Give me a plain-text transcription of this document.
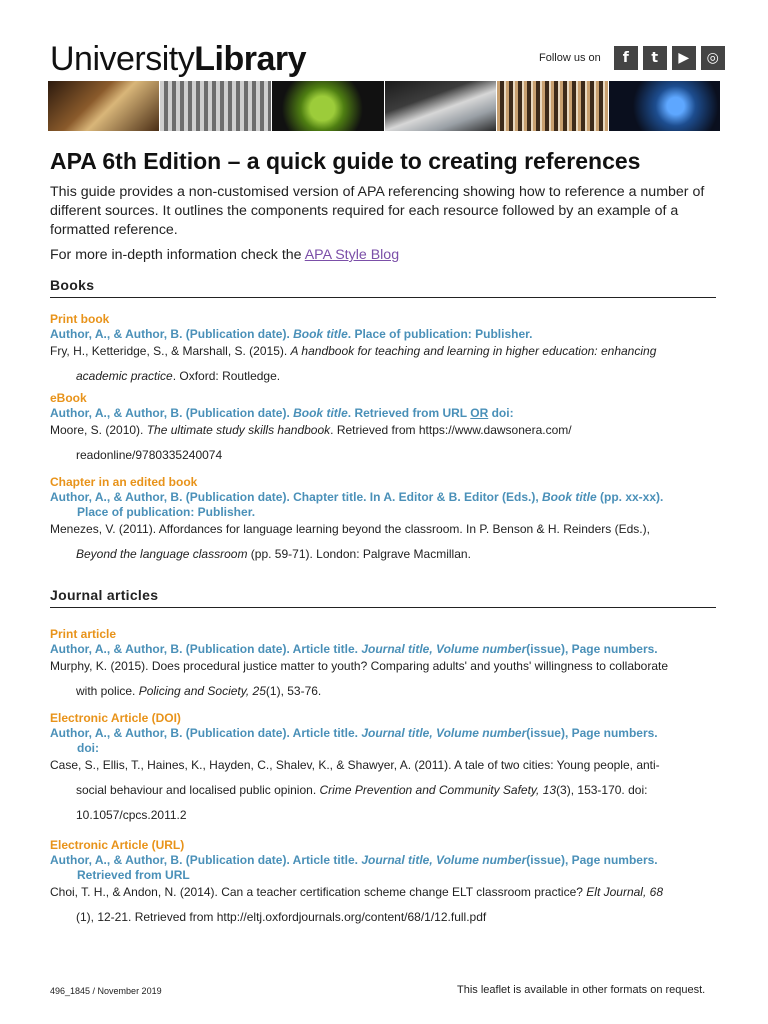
UniversityLibrary	Follow us on	f	t	▶	◎
APA 6th Edition – a quick guide to creating references

This guide provides a non-customised version of APA referencing showing how to reference a number of different sources. It outlines the components required for each resource followed by an example of a formatted reference.

For more in-depth information check the APA Style Blog

Books
Print book
Author, A., & Author, B. (Publication date). Book title. Place of publication: Publisher.
Fry, H., Ketteridge, S., & Marshall, S. (2015). A handbook for teaching and learning in higher education: enhancing
academic practice. Oxford: Routledge.
eBook
Author, A., & Author, B. (Publication date). Book title. Retrieved from URL OR doi:
Moore, S. (2010). The ultimate study skills handbook. Retrieved from https://www.dawsonera.com/
readonline/9780335240074
Chapter in an edited book
Author, A., & Author, B. (Publication date). Chapter title. In A. Editor & B. Editor (Eds.), Book title (pp. xx-xx).
Place of publication: Publisher.
Menezes, V. (2011). Affordances for language learning beyond the classroom. In P. Benson & H. Reinders (Eds.),
Beyond the language classroom (pp. 59-71). London: Palgrave Macmillan.
Journal articles
Print article
Author, A., & Author, B. (Publication date). Article title. Journal title, Volume number(issue), Page numbers.
Murphy, K. (2015). Does procedural justice matter to youth? Comparing adults' and youths' willingness to collaborate
with police. Policing and Society, 25(1), 53-76.
Electronic Article (DOI)
Author, A., & Author, B. (Publication date). Article title. Journal title, Volume number(issue), Page numbers.
doi:
Case, S., Ellis, T., Haines, K., Hayden, C., Shalev, K., & Shawyer, A. (2011). A tale of two cities: Young people, anti-
social behaviour and localised public opinion. Crime Prevention and Community Safety, 13(3), 153-170. doi:
10.1057/cpcs.2011.2
Electronic Article (URL)
Author, A., & Author, B. (Publication date). Article title. Journal title, Volume number(issue), Page numbers.
Retrieved from URL
Choi, T. H., & Andon, N. (2014). Can a teacher certification scheme change ELT classroom practice? Elt Journal, 68
(1), 12-21. Retrieved from http://eltj.oxfordjournals.org/content/68/1/12.full.pdf
496_1845 / November 2019	This leaflet is available in other formats on request.
